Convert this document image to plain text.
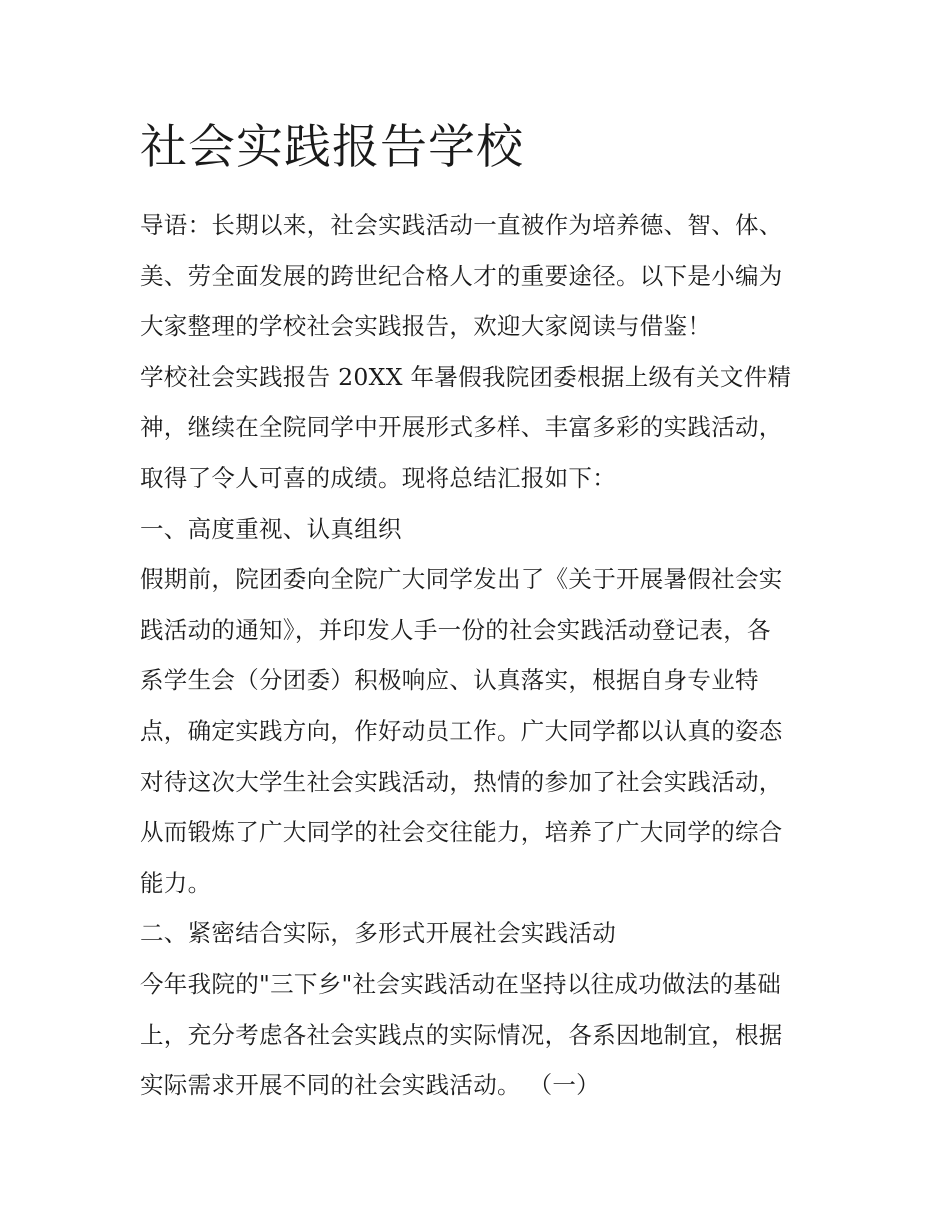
社会实践报告学校
导语：长期以来，社会实践活动一直被作为培养德、智、体、
美、劳全面发展的跨世纪合格人才的重要途径。以下是小编为
大家整理的学校社会实践报告，欢迎大家阅读与借鉴！
学校社会实践报告 20XX 年暑假我院团委根据上级有关文件精
神，继续在全院同学中开展形式多样、丰富多彩的实践活动，
取得了令人可喜的成绩。现将总结汇报如下：
一、高度重视、认真组织
假期前，院团委向全院广大同学发出了《关于开展暑假社会实
践活动的通知》，并印发人手一份的社会实践活动登记表，各
系学生会（分团委）积极响应、认真落实，根据自身专业特
点，确定实践方向，作好动员工作。广大同学都以认真的姿态
对待这次大学生社会实践活动，热情的参加了社会实践活动，
从而锻炼了广大同学的社会交往能力，培养了广大同学的综合
能力。
二、紧密结合实际，多形式开展社会实践活动
今年我院的"三下乡"社会实践活动在坚持以往成功做法的基础
上，充分考虑各社会实践点的实际情况，各系因地制宜，根据
实际需求开展不同的社会实践活动。 （一）
